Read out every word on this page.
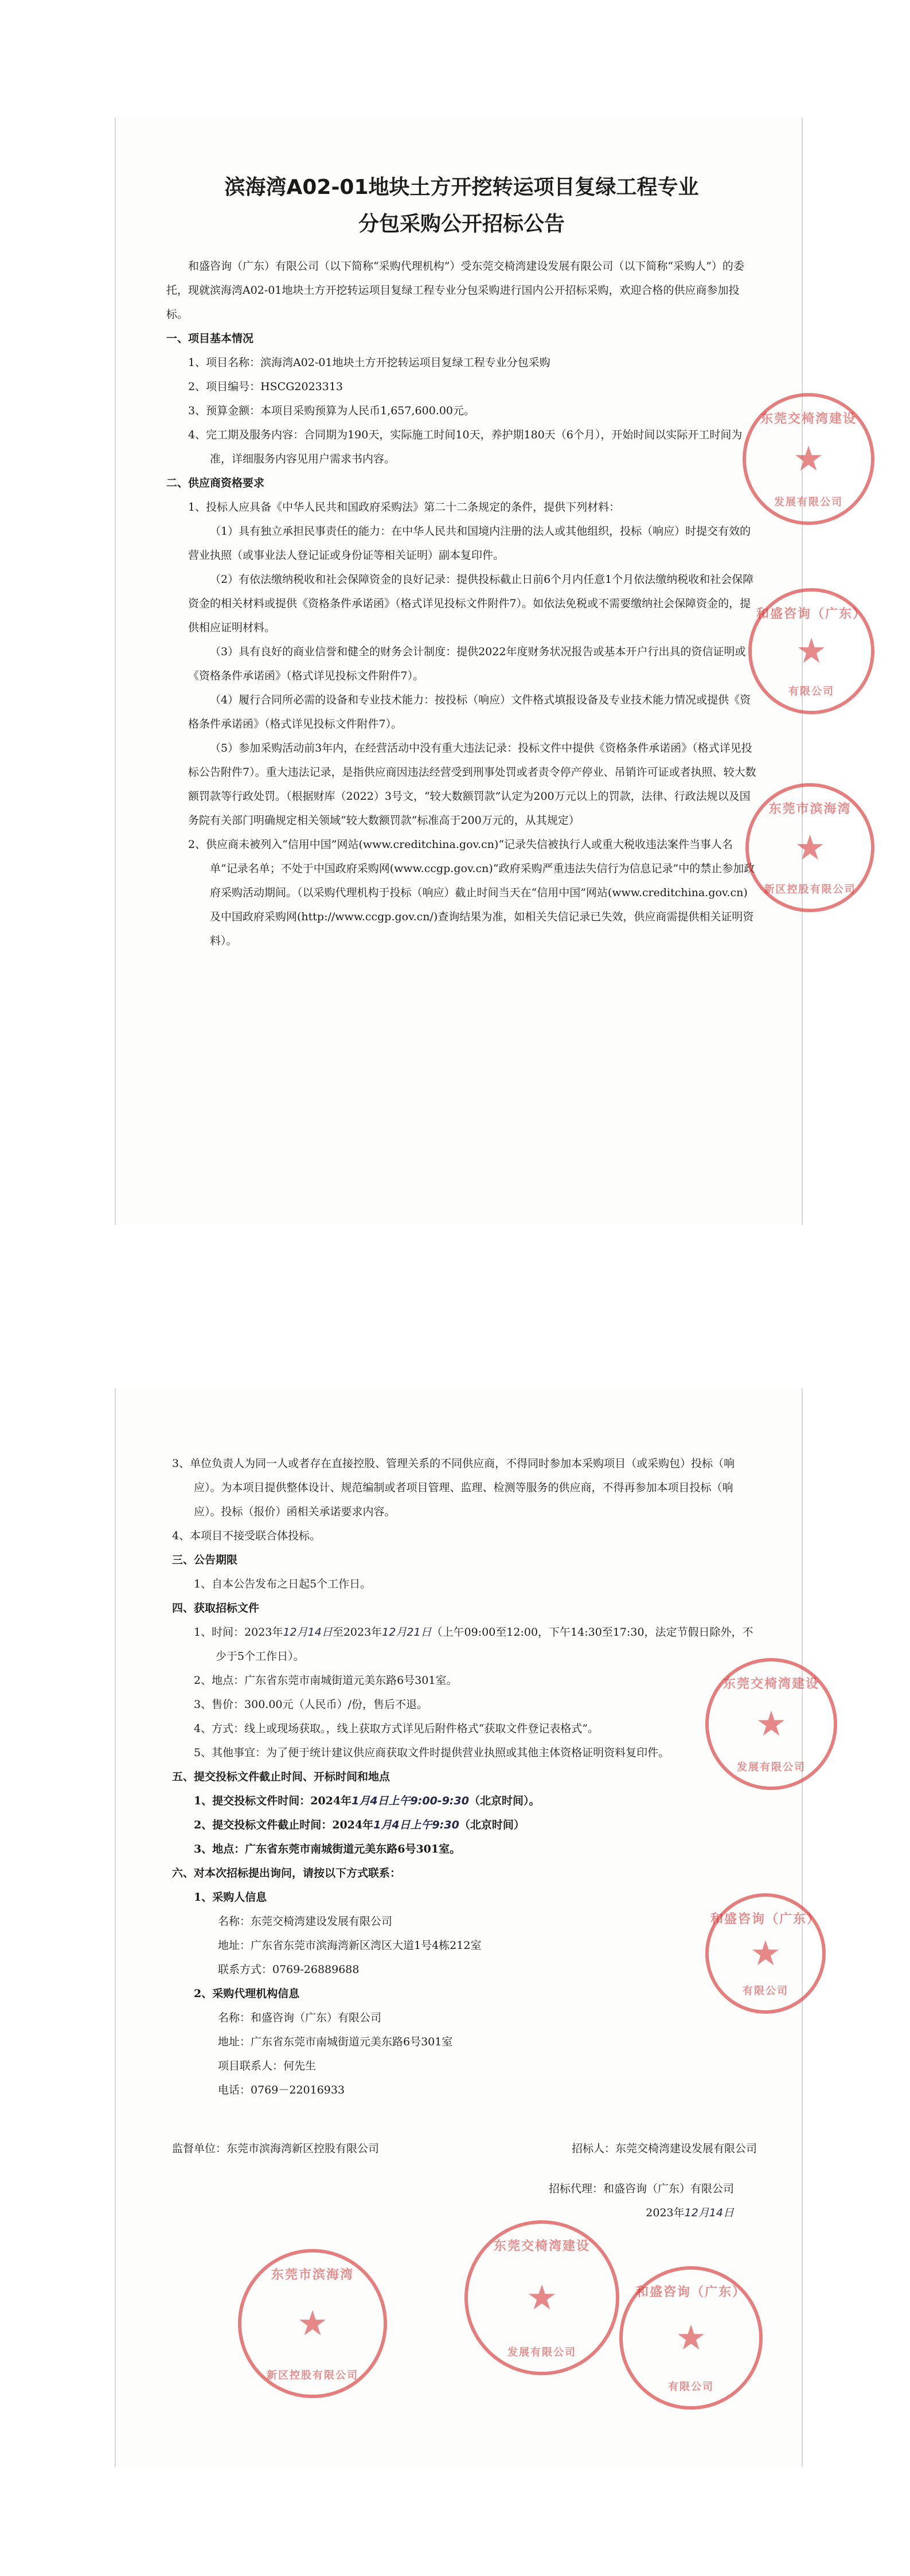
滨海湾A02-01地块土方开挖转运项目复绿工程专业
分包采购公开招标公告

和盛咨询（广东）有限公司（以下简称“采购代理机构”）受东莞交椅湾建设发展有限公司（以下简称“采购人”）的委托，现就滨海湾A02-01地块土方开挖转运项目复绿工程专业分包采购进行国内公开招标采购，欢迎合格的供应商参加投标。

一、项目基本情况

1、项目名称：滨海湾A02-01地块土方开挖转运项目复绿工程专业分包采购

2、项目编号：HSCG2023313

3、预算金额：本项目采购预算为人民币1,657,600.00元。

4、完工期及服务内容：合同期为190天，实际施工时间10天，养护期180天（6个月），开始时间以实际开工时间为准，详细服务内容见用户需求书内容。

二、供应商资格要求

1、投标人应具备《中华人民共和国政府采购法》第二十二条规定的条件，提供下列材料：

（1）具有独立承担民事责任的能力：在中华人民共和国境内注册的法人或其他组织，投标（响应）时提交有效的营业执照（或事业法人登记证或身份证等相关证明）副本复印件。

（2）有依法缴纳税收和社会保障资金的良好记录：提供投标截止日前6个月内任意1个月依法缴纳税收和社会保障资金的相关材料或提供《资格条件承诺函》（格式详见投标文件附件7）。如依法免税或不需要缴纳社会保障资金的，提供相应证明材料。

（3）具有良好的商业信誉和健全的财务会计制度：提供2022年度财务状况报告或基本开户行出具的资信证明或《资格条件承诺函》（格式详见投标文件附件7）。

（4）履行合同所必需的设备和专业技术能力：按投标（响应）文件格式填报设备及专业技术能力情况或提供《资格条件承诺函》（格式详见投标文件附件7）。

（5）参加采购活动前3年内，在经营活动中没有重大违法记录：投标文件中提供《资格条件承诺函》（格式详见投标公告附件7）。重大违法记录，是指供应商因违法经营受到刑事处罚或者责令停产停业、吊销许可证或者执照、较大数额罚款等行政处罚。（根据财库（2022）3号文，“较大数额罚款”认定为200万元以上的罚款，法律、行政法规以及国务院有关部门明确规定相关领域“较大数额罚款”标准高于200万元的，从其规定）

2、供应商未被列入“信用中国”网站(www.creditchina.gov.cn)“记录失信被执行人或重大税收违法案件当事人名单”记录名单；不处于中国政府采购网(www.ccgp.gov.cn)“政府采购严重违法失信行为信息记录”中的禁止参加政府采购活动期间。（以采购代理机构于投标（响应）截止时间当天在“信用中国”网站(www.creditchina.gov.cn)及中国政府采购网(http://www.ccgp.gov.cn/)查询结果为准，如相关失信记录已失效，供应商需提供相关证明资料）。

东莞交椅湾建设
★
发展有限公司
和盛咨询（广东）
★
有限公司
东莞市滨海湾
★
新区控股有限公司

3、单位负责人为同一人或者存在直接控股、管理关系的不同供应商，不得同时参加本采购项目（或采购包）投标（响应）。为本项目提供整体设计、规范编制或者项目管理、监理、检测等服务的供应商，不得再参加本项目投标（响应）。投标（报价）函相关承诺要求内容。

4、本项目不接受联合体投标。

三、公告期限

1、自本公告发布之日起5个工作日。

四、获取招标文件

1、时间：2023年12月14日至2023年12月21日（上午09:00至12:00，下午14:30至17:30，法定节假日除外，不少于5个工作日）。

2、地点：广东省东莞市南城街道元美东路6号301室。

3、售价：300.00元（人民币）/份，售后不退。

4、方式：线上或现场获取。，线上获取方式详见后附件格式“获取文件登记表格式”。

5、其他事宜：为了便于统计建议供应商获取文件时提供营业执照或其他主体资格证明资料复印件。

五、提交投标文件截止时间、开标时间和地点

1、提交投标文件时间：2024年1月4日上午9:00-9:30（北京时间）。

2、提交投标文件截止时间：2024年1月4日上午9:30（北京时间）

3、地点：广东省东莞市南城街道元美东路6号301室。

六、对本次招标提出询问，请按以下方式联系：

1、采购人信息

名称：东莞交椅湾建设发展有限公司

地址：广东省东莞市滨海湾新区湾区大道1号4栋212室

联系方式：0769-26889688

2、采购代理机构信息

名称：和盛咨询（广东）有限公司

地址：广东省东莞市南城街道元美东路6号301室

项目联系人：何先生

电话：0769－22016933

监督单位：东莞市滨海湾新区控股有限公司	招标人：东莞交椅湾建设发展有限公司

招标代理：和盛咨询（广东）有限公司

2023年12月14日

东莞交椅湾建设
★
发展有限公司
和盛咨询（广东）
★
有限公司
东莞市滨海湾
★
新区控股有限公司
东莞交椅湾建设
★
发展有限公司
和盛咨询（广东）
★
有限公司
